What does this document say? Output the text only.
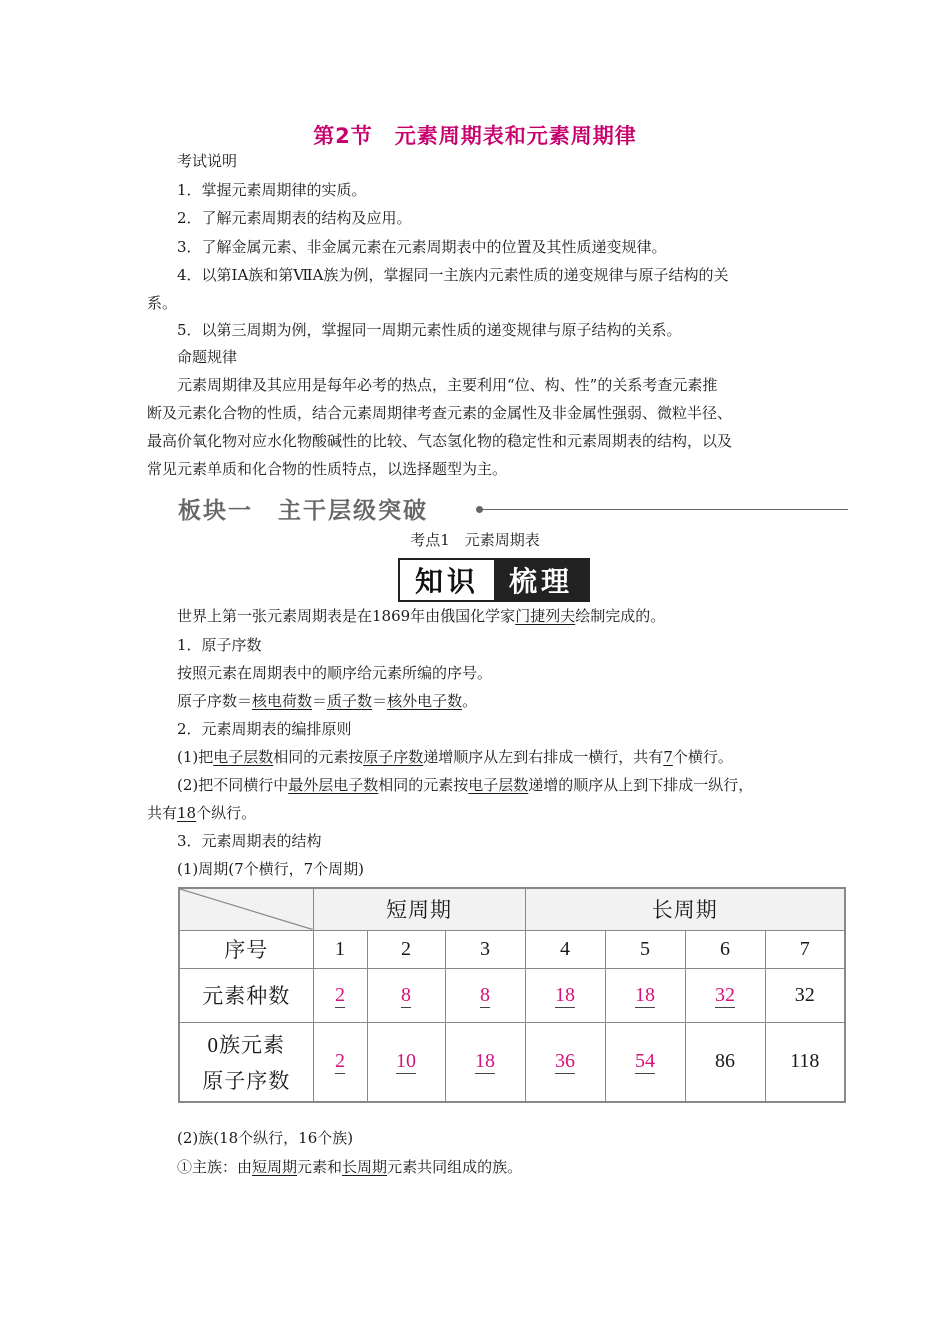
第2节　元素周期表和元素周期律
考试说明
1．掌握元素周期律的实质。
2．了解元素周期表的结构及应用。
3．了解金属元素、非金属元素在元素周期表中的位置及其性质递变规律。
4．以第ⅠA族和第ⅦA族为例，掌握同一主族内元素性质的递变规律与原子结构的关
系。
5．以第三周期为例，掌握同一周期元素性质的递变规律与原子结构的关系。
命题规律
元素周期律及其应用是每年必考的热点，主要利用“位、构、性”的关系考查元素推
断及元素化合物的性质，结合元素周期律考查元素的金属性及非金属性强弱、微粒半径、
最高价氧化物对应水化物酸碱性的比较、气态氢化物的稳定性和元素周期表的结构，以及
常见元素单质和化合物的性质特点，以选择题型为主。
板块一　主干层级突破
考点1　元素周期表
知识	梳理
世界上第一张元素周期表是在1869年由俄国化学家门捷列夫绘制完成的。
1．原子序数
按照元素在周期表中的顺序给元素所编的序号。
原子序数＝核电荷数＝质子数＝核外电子数。
2．元素周期表的编排原则
(1)把电子层数相同的元素按原子序数递增顺序从左到右排成一横行，共有7个横行。
(2)把不同横行中最外层电子数相同的元素按电子层数递增的顺序从上到下排成一纵行，
共有18个纵行。
3．元素周期表的结构
(1)周期(7个横行，7个周期)
	短周期			长周期			
序号	1	2	3	4	5	6	7
元素种数	2	8	8	18	18	32	32

0族元素
原子序数	2	10	18	36	54	86	118
(2)族(18个纵行，16个族)
①主族：由短周期元素和长周期元素共同组成的族。
